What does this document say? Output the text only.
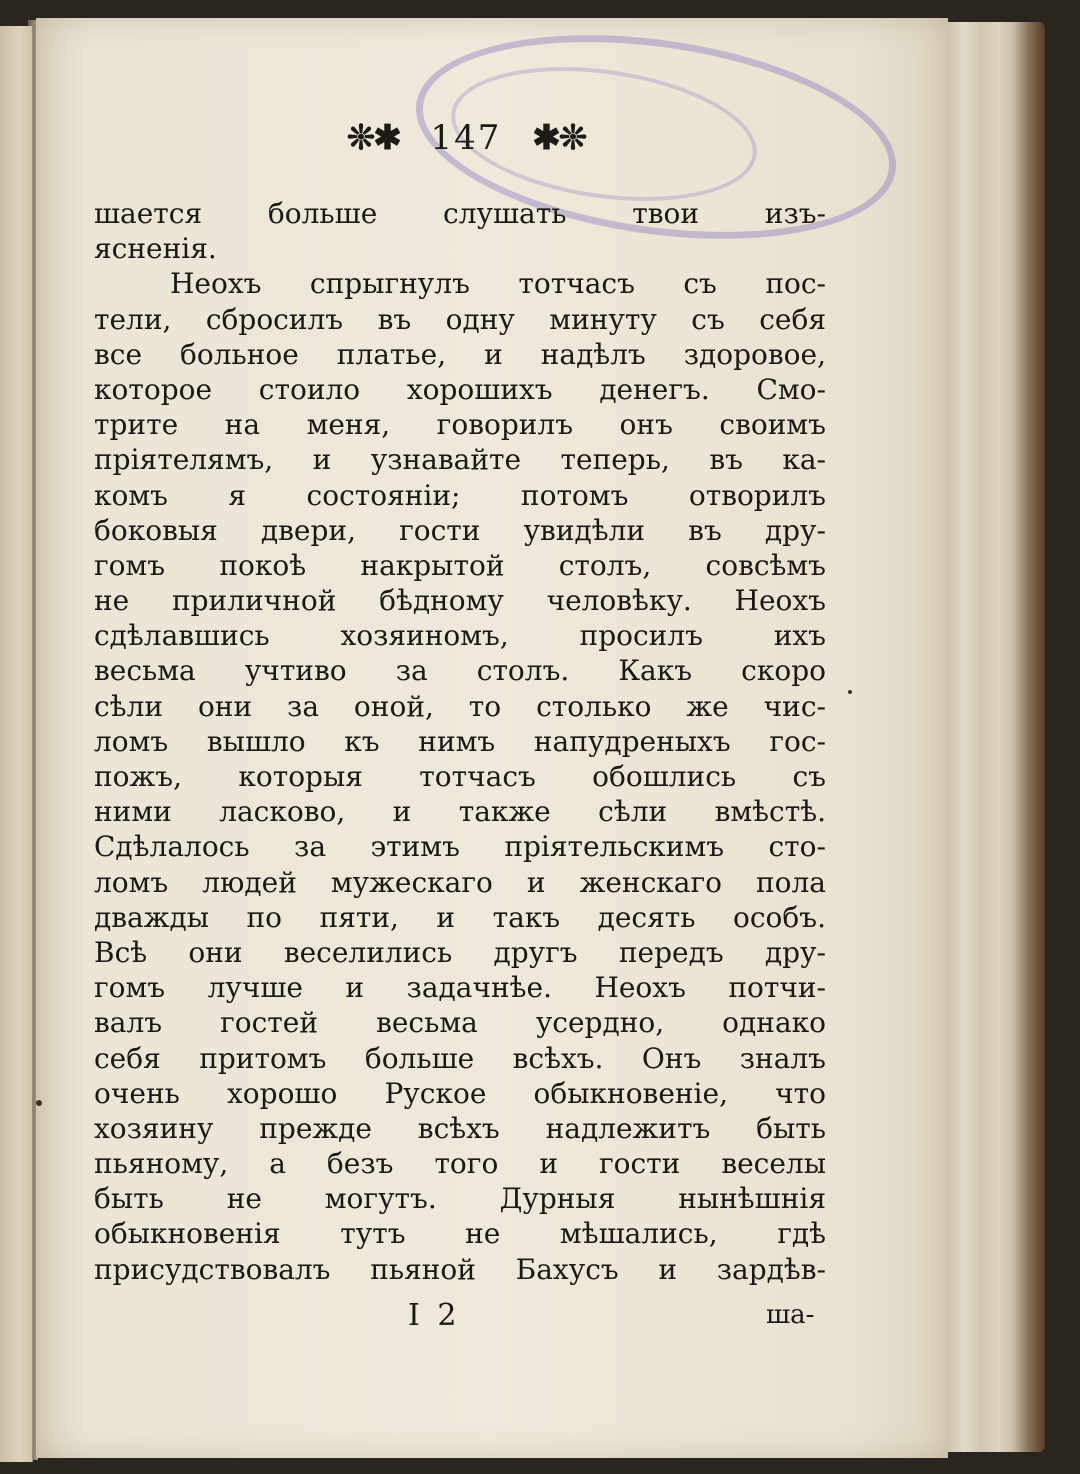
❊✱ 147 ✱❊
шается больше слушать твои изъ-
ясненія.
Неохъ спрыгнулъ тотчасъ съ пос-
тели, сбросилъ въ одну минуту съ себя
все больное платье, и надѣлъ здоровое,
которое стоило хорошихъ денегъ. Смо-
трите на меня, говорилъ онъ своимъ
пріятелямъ, и узнавайте теперь, въ ка-
комъ я состояніи; потомъ отворилъ
боковыя двери, гости увидѣли въ дру-
гомъ покоѣ накрытой столъ, совсѣмъ
не приличной бѣдному человѣку. Неохъ
сдѣлавшись хозяиномъ, просилъ ихъ
весьма учтиво за столъ. Какъ скоро
сѣли они за оной, то столько же чис-
ломъ вышло къ нимъ напудреныхъ гос-
пожъ, которыя тотчасъ обошлись съ
ними ласково, и также сѣли вмѣстѣ.
Сдѣлалось за этимъ пріятельскимъ сто-
ломъ людей мужескаго и женскаго пола
дважды по пяти, и такъ десять особъ.
Всѣ они веселились другъ передъ дру-
гомъ лучше и задачнѣе. Неохъ потчи-
валъ гостей весьма усердно, однако
себя притомъ больше всѣхъ. Онъ зналъ
очень хорошо Руское обыкновеніе, что
хозяину прежде всѣхъ надлежитъ быть
пьяному, а безъ того и гости веселы
быть не могутъ. Дурныя нынѣшнія
обыкновенія тутъ не мѣшались, гдѣ
присудствовалъ пьяной Бахусъ и зардѣв-
I 2	ша-
